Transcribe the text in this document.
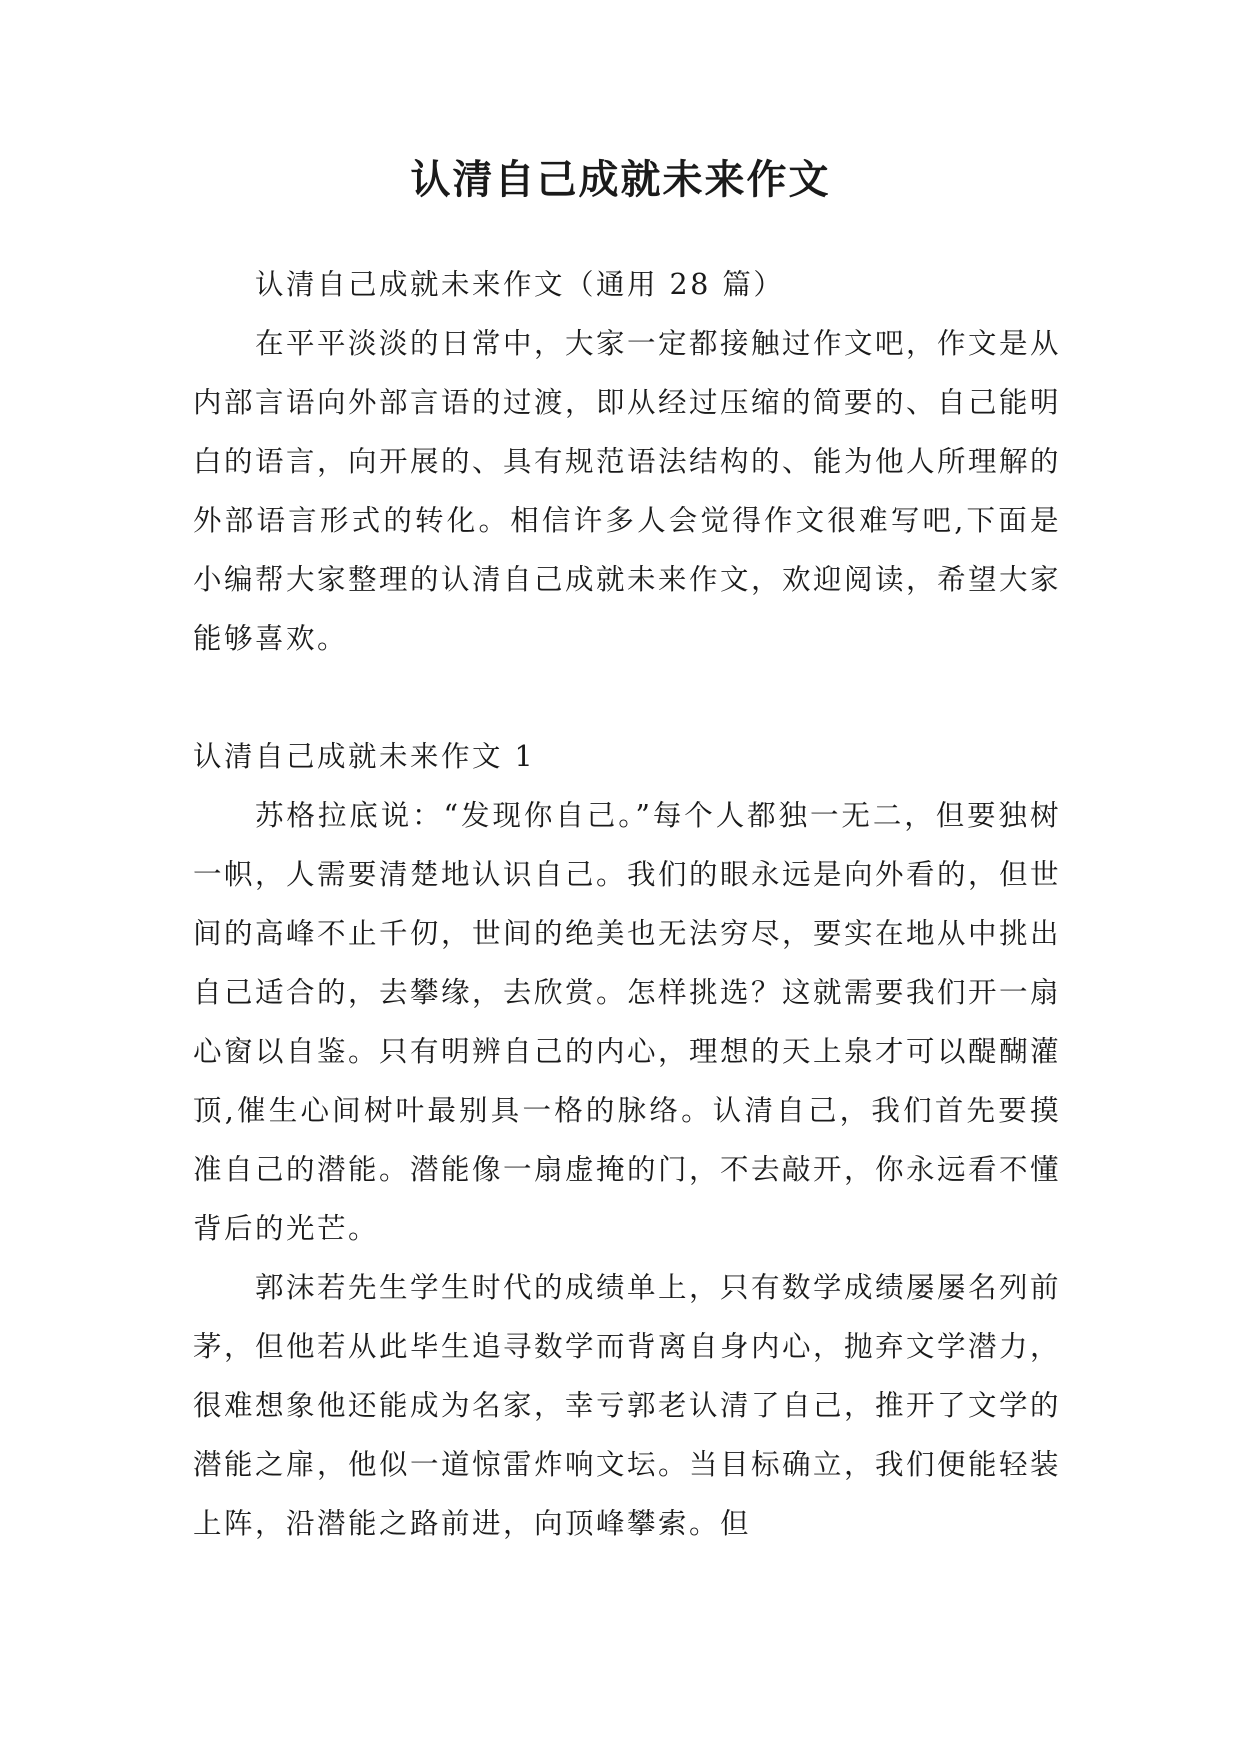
认清自己成就未来作文

认清自己成就未来作文（通用 28 篇）

在平平淡淡的日常中，大家一定都接触过作文吧，作文是从内部言语向外部言语的过渡，即从经过压缩的简要的、自己能明白的语言，向开展的、具有规范语法结构的、能为他人所理解的外部语言形式的转化。相信许多人会觉得作文很难写吧,下面是小编帮大家整理的认清自己成就未来作文，欢迎阅读，希望大家能够喜欢。

认清自己成就未来作文 1

苏格拉底说：“发现你自己。”每个人都独一无二，但要独树一帜，人需要清楚地认识自己。我们的眼永远是向外看的，但世间的高峰不止千仞，世间的绝美也无法穷尽，要实在地从中挑出自己适合的，去攀缘，去欣赏。怎样挑选？这就需要我们开一扇心窗以自鉴。只有明辨自己的内心，理想的天上泉才可以醍醐灌顶,催生心间树叶最别具一格的脉络。认清自己，我们首先要摸准自己的潜能。潜能像一扇虚掩的门，不去敲开，你永远看不懂背后的光芒。

郭沫若先生学生时代的成绩单上，只有数学成绩屡屡名列前茅，但他若从此毕生追寻数学而背离自身内心，抛弃文学潜力，很难想象他还能成为名家，幸亏郭老认清了自己，推开了文学的潜能之扉，他似一道惊雷炸响文坛。当目标确立，我们便能轻装上阵，沿潜能之路前进，向顶峰攀索。但
